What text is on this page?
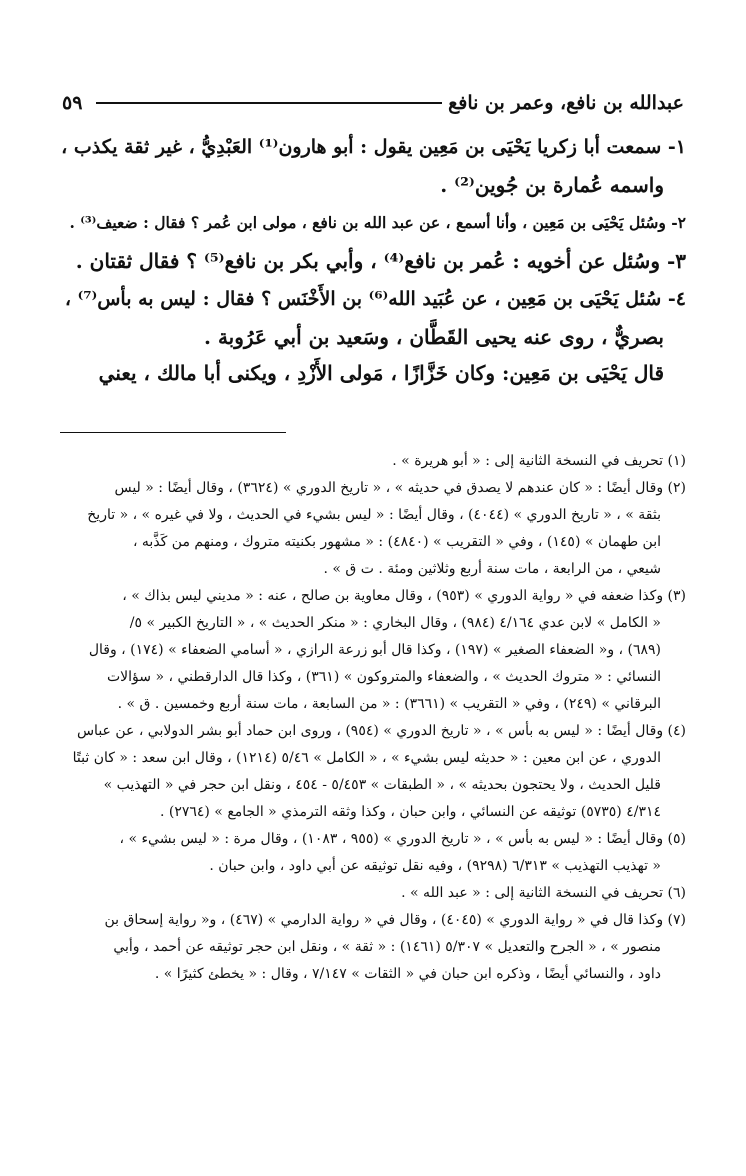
عبدالله بن نافع، وعمر بن نافع
٥٩

١- سمعت أبا زكريا يَحْيَى بن مَعِين يقول : أبو هارون⁽¹⁾ العَبْدِيُّ ، غير ثقة يكذب ،

واسمه عُمارة بن جُوين⁽²⁾ .

٢- وسُئل يَحْيَى بن مَعِين ، وأنا أسمع ، عن عبد الله بن نافع ، مولى ابن عُمر ؟ فقال : ضعيف⁽³⁾ .

٣- وسُئل عن أخويه : عُمر بن نافع⁽⁴⁾ ، وأبي بكر بن نافع⁽⁵⁾ ؟ فقال ثقتان .

٤- سُئل يَحْيَى بن مَعِين ، عن عُبَيد الله⁽⁶⁾ بن الأَخْنَس ؟ فقال : ليس به بأس⁽⁷⁾ ،

بصريٌّ ، روى عنه يحيى القَطَّان ، وسَعيد بن أبي عَرُوبة .

قال يَحْيَى بن مَعِين: وكان خَزَّازًا ، مَولى الأَزْدِ ، ويكنى أبا مالك ، يعني

(١) تحريف في النسخة الثانية إلى : « أبو هريرة » .

(٢) وقال أيضًا : « كان عندهم لا يصدق في حديثه » ، « تاريخ الدوري » (٣٦٢٤) ، وقال أيضًا : « ليس

بثقة » ، « تاريخ الدوري » (٤٠٤٤) ، وقال أيضًا : « ليس بشيء في الحديث ، ولا في غيره » ، « تاريخ

ابن طهمان » (١٤٥) ، وفي « التقريب » (٤٨٤٠) : « مشهور بكنيته متروك ، ومنهم من كَذَّبه ،

شيعي ، من الرابعة ، مات سنة أربع وثلاثين ومئة . ت ق » .

(٣) وكذا ضعفه في « رواية الدوري » (٩٥٣) ، وقال معاوية بن صالح ، عنه : « مديني ليس بذاك » ،

« الكامل » لابن عدي ٤/١٦٤ (٩٨٤) ، وقال البخاري : « منكر الحديث » ، « التاريخ الكبير » ٥/

(٦٨٩) ، و« الضعفاء الصغير » (١٩٧) ، وكذا قال أبو زرعة الرازي ، « أسامي الضعفاء » (١٧٤) ، وقال

النسائي : « متروك الحديث » ، والضعفاء والمتروكون » (٣٦١) ، وكذا قال الدارقطني ، « سؤالات

البرقاني » (٢٤٩) ، وفي « التقريب » (٣٦٦١) : « من السابعة ، مات سنة أربع وخمسين . ق » .

(٤) وقال أيضًا : « ليس به بأس » ، « تاريخ الدوري » (٩٥٤) ، وروى ابن حماد أبو بشر الدولابي ، عن عباس

الدوري ، عن ابن معين : « حديثه ليس بشيء » ، « الكامل » ٥/٤٦ (١٢١٤) ، وقال ابن سعد : « كان ثبتًا

قليل الحديث ، ولا يحتجون بحديثه » ، « الطبقات » ٥/٤٥٣ - ٤٥٤ ، ونقل ابن حجر في « التهذيب »

٤/٣١٤ (٥٧٣٥) توثيقه عن النسائي ، وابن حبان ، وكذا وثقه الترمذي « الجامع » (٢٧٦٤) .

(٥) وقال أيضًا : « ليس به بأس » ، « تاريخ الدوري » (٩٥٥ ، ١٠٨٣) ، وقال مرة : « ليس بشيء » ،

« تهذيب التهذيب » ٦/٣١٣ (٩٢٩٨) ، وفيه نقل توثيقه عن أبي داود ، وابن حبان .

(٦) تحريف في النسخة الثانية إلى : « عبد الله » .

(٧) وكذا قال في « رواية الدوري » (٤٠٤٥) ، وقال في « رواية الدارمي » (٤٦٧) ، و« رواية إسحاق بن

منصور » ، « الجرح والتعديل » ٥/٣٠٧ (١٤٦١) : « ثقة » ، ونقل ابن حجر توثيقه عن أحمد ، وأبي

داود ، والنسائي أيضًا ، وذكره ابن حبان في « الثقات » ٧/١٤٧ ، وقال : « يخطئ كثيرًا » .
